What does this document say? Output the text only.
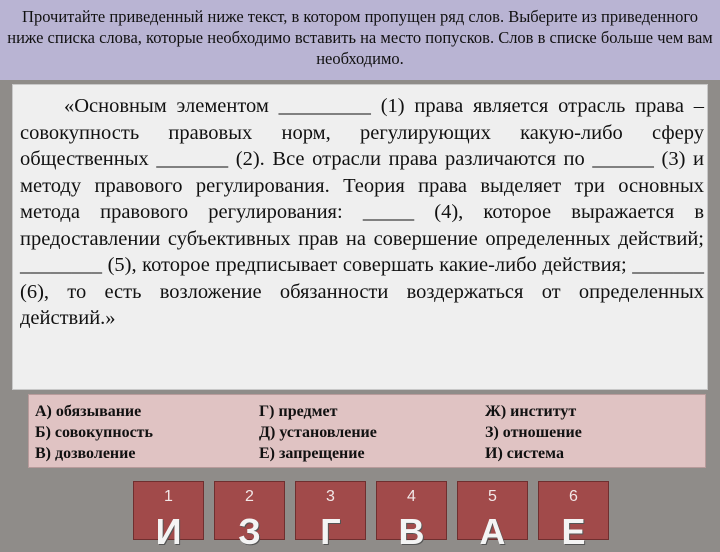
Прочитайте приведенный ниже текст, в котором пропущен ряд слов. Выберите из приведенного ниже списка слова, которые необходимо вставить на место попусков. Слов в списке больше чем вам необходимо.
«Основным элементом _________ (1) права является отрасль права – совокупность правовых норм, регулирующих какую-либо сферу общественных _______ (2). Все отрасли права различаются по ______ (3) и методу правового регулирования. Теория права выделяет три основных метода правового регулирования: _____ (4), которое выражается в предоставлении субъективных прав на совершение определенных действий; ________ (5), которое предписывает совершать какие-либо действия; _______ (6), то есть возложение обязанности воздержаться от определенных действий.»
А) обязывание
Б) совокупность
В) дозволение
Г) предмет
Д) установление
Е) запрещение
Ж) институт
З) отношение
И) система
1
И
2
З
3
Г
4
В
5
А
6
Е
